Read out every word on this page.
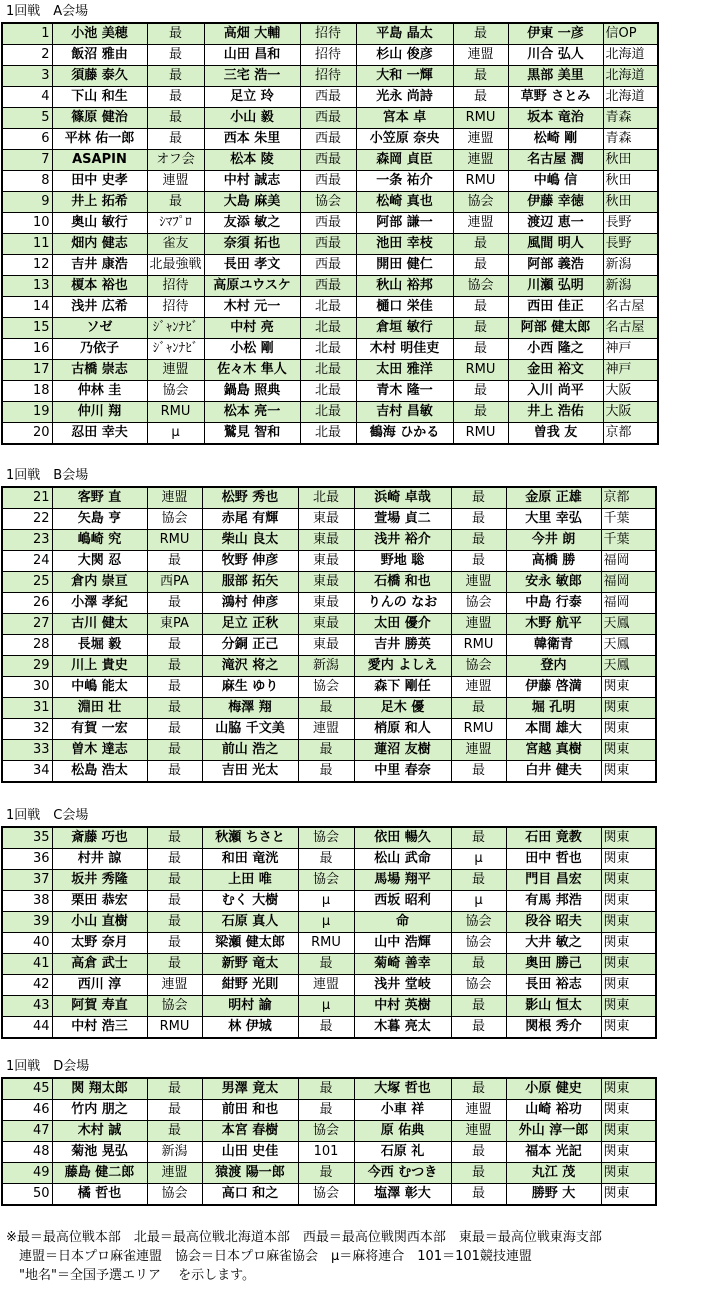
1回戦　A会場
1	小池 美穂	最	高畑 大輔	招待	平島 晶太	最	伊東 一彦	信OP
2	飯沼 雅由	最	山田 昌和	招待	杉山 俊彦	連盟	川合 弘人	北海道
3	須藤 泰久	最	三宅 浩一	招待	大和 一輝	最	黒部 美里	北海道
4	下山 和生	最	足立 玲	西最	光永 尚詩	最	草野 さとみ	北海道
5	篠原 健治	最	小山 毅	西最	宮本 卓	RMU	坂本 竜治	青森
6	平林 佑一郎	最	西本 朱里	西最	小笠原 奈央	連盟	松崎 剛	青森
7	ASAPIN	オフ会	松本 陵	西最	森岡 貞臣	連盟	名古屋 潤	秋田
8	田中 史孝	連盟	中村 誠志	西最	一条 祐介	RMU	中嶋 信	秋田
9	井上 拓希	最	大島 麻美	協会	松崎 真也	協会	伊藤 幸徳	秋田
10	奥山 敏行	ｼﾏﾌﾟﾛ	友添 敏之	西最	阿部 謙一	連盟	渡辺 恵一	長野
11	畑内 健志	雀友	奈須 拓也	西最	池田 幸枝	最	風間 明人	長野
12	吉井 康浩	北最強戦	長田 孝文	西最	開田 健仁	最	阿部 義浩	新潟
13	榎本 裕也	招待	高原ユウスケ	西最	秋山 裕邦	協会	川瀬 弘明	新潟
14	浅井 広希	招待	木村 元一	北最	樋口 栄佳	最	西田 佳正	名古屋
15	ソゼ	ｼﾞｬﾝﾅﾋﾞ	中村 亮	北最	倉垣 敏行	最	阿部 健太郎	名古屋
16	乃依子	ｼﾞｬﾝﾅﾋﾞ	小松 剛	北最	木村 明佳吏	最	小西 隆之	神戸
17	古橋 崇志	連盟	佐々木 隼人	北最	太田 雅洋	RMU	金田 裕文	神戸
18	仲林 圭	協会	鍋島 照典	北最	青木 隆一	最	入川 尚平	大阪
19	仲川 翔	RMU	松本 亮一	北最	吉村 昌敏	最	井上 浩佑	大阪
20	忍田 幸夫	μ	鷲見 智和	北最	鶴海 ひかる	RMU	曽我 友	京都
1回戦　B会場
21	客野 直	連盟	松野 秀也	北最	浜崎 卓哉	最	金原 正雄	京都
22	矢島 亨	協会	赤尾 有輝	東最	萱場 貞二	最	大里 幸弘	千葉
23	嶋崎 究	RMU	柴山 良太	東最	浅井 裕介	最	今井 朗	千葉
24	大関 忍	最	牧野 伸彦	東最	野地 聡	最	高橋 勝	福岡
25	倉内 崇亘	西PA	服部 拓矢	東最	石橋 和也	連盟	安永 敏郎	福岡
26	小澤 孝紀	最	鴻村 伸彦	東最	りんの なお	協会	中島 行泰	福岡
27	古川 健太	東PA	足立 正秋	東最	太田 優介	連盟	木野 航平	天鳳
28	長堀 毅	最	分銅 正己	東最	吉井 勝英	RMU	韓衛青	天鳳
29	川上 貴史	最	滝沢 将之	新潟	愛内 よしえ	協会	登内	天鳳
30	中嶋 能太	最	麻生 ゆり	協会	森下 剛任	連盟	伊藤 啓満	関東
31	淵田 壮	最	梅澤 翔	最	足木 優	最	堀 孔明	関東
32	有賀 一宏	最	山脇 千文美	連盟	梢原 和人	RMU	本間 雄大	関東
33	曽木 達志	最	前山 浩之	最	蓮沼 友樹	連盟	宮越 真樹	関東
34	松島 浩太	最	吉田 光太	最	中里 春奈	最	白井 健夫	関東
1回戦　C会場
35	斎藤 巧也	最	秋瀬 ちさと	協会	依田 暢久	最	石田 竟教	関東
36	村井 諒	最	和田 竜洸	最	松山 武命	μ	田中 哲也	関東
37	坂井 秀隆	最	上田 唯	協会	馬場 翔平	最	門目 昌宏	関東
38	栗田 恭宏	最	むく 大樹	μ	西坂 昭利	μ	有馬 邦浩	関東
39	小山 直樹	最	石原 真人	μ	命	協会	段谷 昭夫	関東
40	太野 奈月	最	梁瀬 健太郎	RMU	山中 浩輝	協会	大井 敏之	関東
41	高倉 武士	最	新野 竜太	最	菊崎 善幸	最	奥田 勝己	関東
42	西川 淳	連盟	紺野 光則	連盟	浅井 堂岐	協会	長田 裕志	関東
43	阿賀 寿直	協会	明村 諭	μ	中村 英樹	最	影山 恒太	関東
44	中村 浩三	RMU	林 伊城	最	木暮 亮太	最	関根 秀介	関東
1回戦　D会場
45	関 翔太郎	最	男澤 竟太	最	大塚 哲也	最	小原 健史	関東
46	竹内 朋之	最	前田 和也	最	小車 祥	連盟	山崎 裕功	関東
47	木村 誠	最	本宮 春樹	協会	原 佑典	連盟	外山 淳一郎	関東
48	菊池 晃弘	新潟	山田 史佳	101	石原 礼	最	福本 光記	関東
49	藤島 健二郎	連盟	猿渡 陽一郎	最	今西 むつき	最	丸江 茂	関東
50	橘 哲也	協会	高口 和之	協会	塩澤 彰大	最	勝野 大	関東
※最＝最高位戦本部　北最＝最高位戦北海道本部　西最＝最高位戦関西本部　東最＝最高位戦東海支部
　連盟＝日本プロ麻雀連盟　協会＝日本プロ麻雀協会　μ＝麻将連合　101＝101競技連盟
　"地名"＝全国予選エリア　 を示します。
